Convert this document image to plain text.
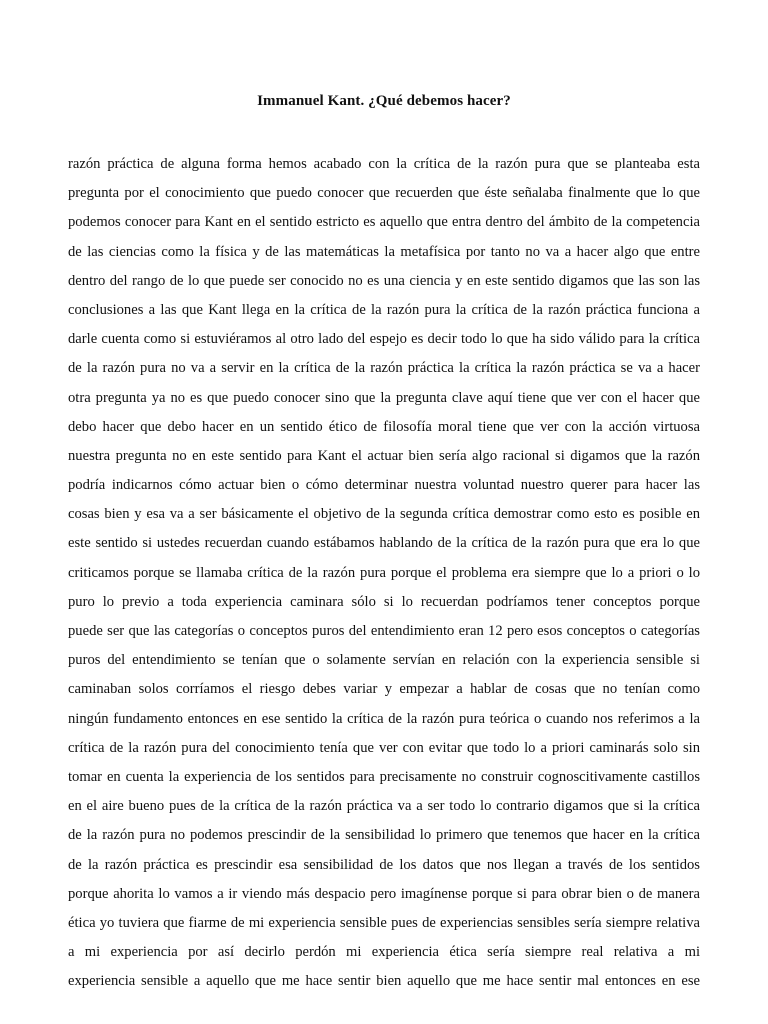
Immanuel Kant. ¿Qué debemos hacer?
razón práctica de alguna forma hemos acabado con la crítica de la razón pura que se planteaba esta
pregunta por el conocimiento que puedo conocer que recuerden que éste señalaba finalmente que lo que
podemos conocer para Kant en el sentido estricto es aquello que entra dentro del ámbito de la competencia
de las ciencias como la física y de las matemáticas la metafísica por tanto no va a hacer algo que entre
dentro del rango de lo que puede ser conocido no es una ciencia y en este sentido digamos que las son las
conclusiones a las que Kant llega en la crítica de la razón pura la crítica de la razón práctica funciona a
darle cuenta como si estuviéramos al otro lado del espejo es decir todo lo que ha sido válido para la crítica
de la razón pura no va a servir en la crítica de la razón práctica la crítica la razón práctica se va a hacer
otra pregunta ya no es que puedo conocer sino que la pregunta clave aquí tiene que ver con el hacer que
debo hacer que debo hacer en un sentido ético de filosofía moral tiene que ver con la acción virtuosa
nuestra pregunta no en este sentido para Kant el actuar bien sería algo racional si digamos que la razón
podría indicarnos cómo actuar bien o cómo determinar nuestra voluntad nuestro querer para hacer las
cosas bien y esa va a ser básicamente el objetivo de la segunda crítica demostrar como esto es posible en
este sentido si ustedes recuerdan cuando estábamos hablando de la crítica de la razón pura que era lo que
criticamos porque se llamaba crítica de la razón pura porque el problema era siempre que lo a priori o lo
puro lo previo a toda experiencia caminara sólo si lo recuerdan podríamos tener conceptos porque
puede ser que las categorías o conceptos puros del entendimiento eran 12 pero esos conceptos o categorías
puros del entendimiento se tenían que o solamente servían en relación con la experiencia sensible si
caminaban solos corríamos el riesgo debes variar y empezar a hablar de cosas que no tenían como
ningún fundamento entonces en ese sentido la crítica de la razón pura teórica o cuando nos referimos a la
crítica de la razón pura del conocimiento tenía que ver con evitar que todo lo a priori caminarás solo sin
tomar en cuenta la experiencia de los sentidos para precisamente no construir cognoscitivamente castillos
en el aire bueno pues de la crítica de la razón práctica va a ser todo lo contrario digamos que si la crítica
de la razón pura no podemos prescindir de la sensibilidad lo primero que tenemos que hacer en la crítica
de la razón práctica es prescindir esa sensibilidad de los datos que nos llegan a través de los sentidos
porque ahorita lo vamos a ir viendo más despacio pero imagínense porque si para obrar bien o de manera
ética yo tuviera que fiarme de mi experiencia sensible pues de experiencias sensibles sería siempre relativa
a mi experiencia por así decirlo perdón mi experiencia ética sería siempre real relativa a mi
experiencia sensible a aquello que me hace sentir bien aquello que me hace sentir mal entonces en ese
